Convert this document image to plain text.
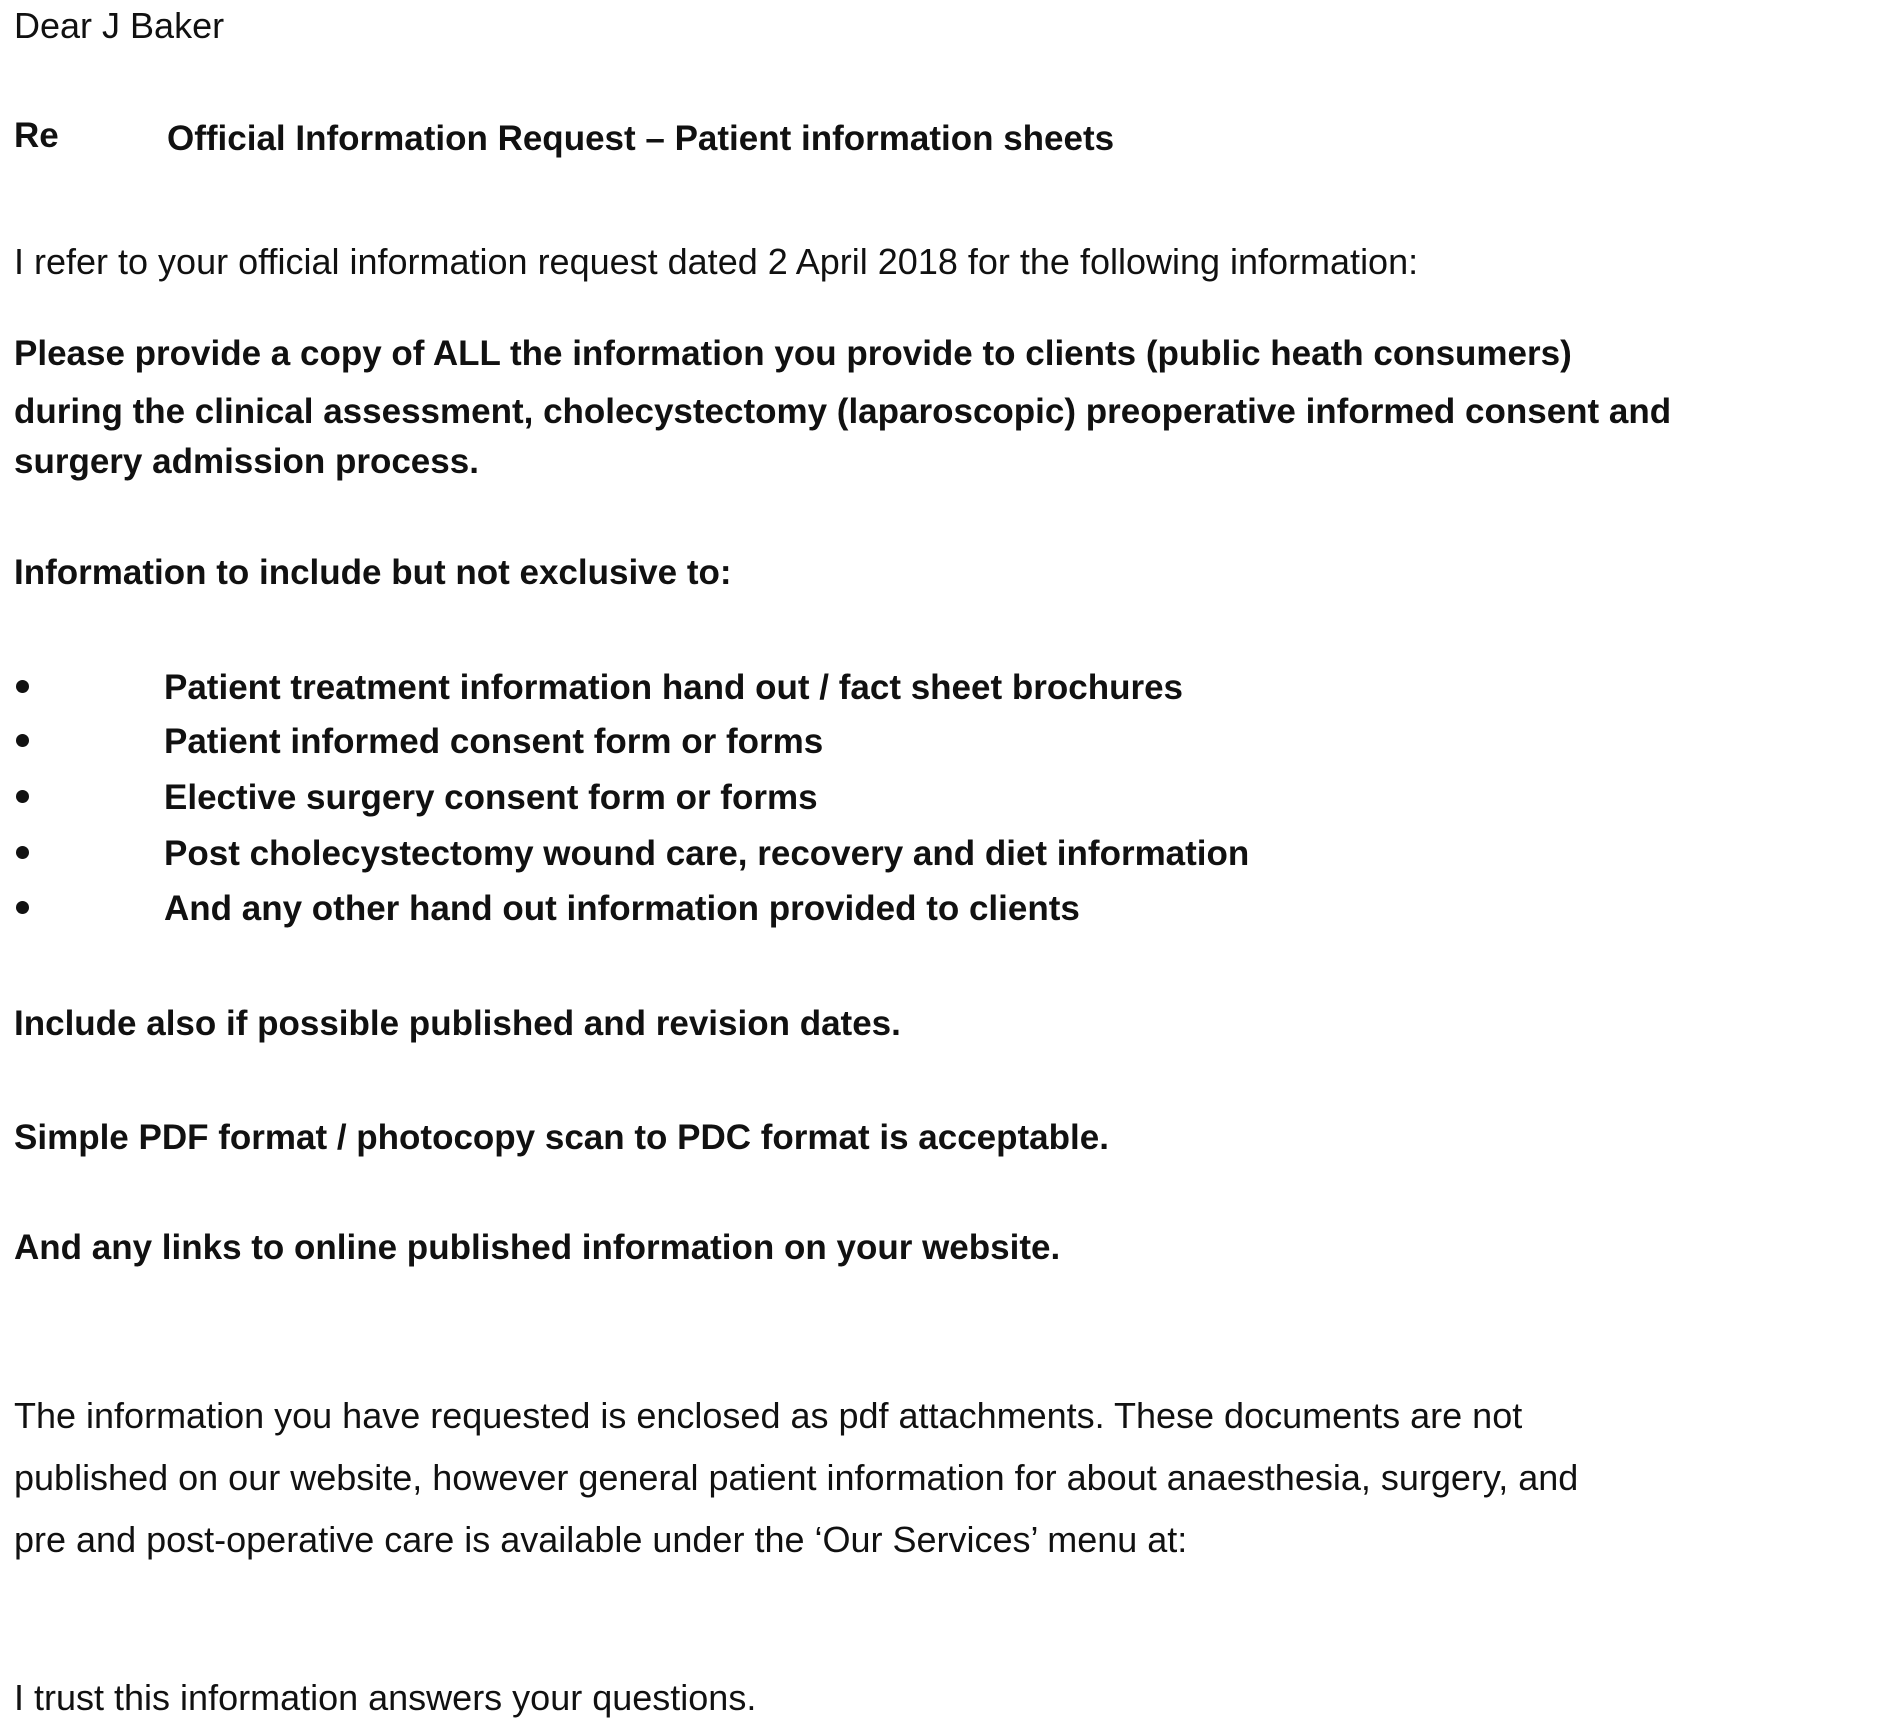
Dear J Baker
Re	Official Information Request – Patient information sheets
I refer to your official information request dated 2 April 2018 for the following information:
Please provide a copy of ALL the information you provide to clients (public heath consumers)
during the clinical assessment, cholecystectomy (laparoscopic) preoperative informed consent and
surgery admission process.
Information to include but not exclusive to:
Patient treatment information hand out / fact sheet brochures
Patient informed consent form or forms
Elective surgery consent form or forms
Post cholecystectomy wound care, recovery and diet information
And any other hand out information provided to clients
Include also if possible published and revision dates.
Simple PDF format / photocopy scan to PDC format is acceptable.
And any links to online published information on your website.
The information you have requested is enclosed as pdf attachments. These documents are not
published on our website, however general patient information for about anaesthesia, surgery, and
pre and post-operative care is available under the ‘Our Services’ menu at:
I trust this information answers your questions.
